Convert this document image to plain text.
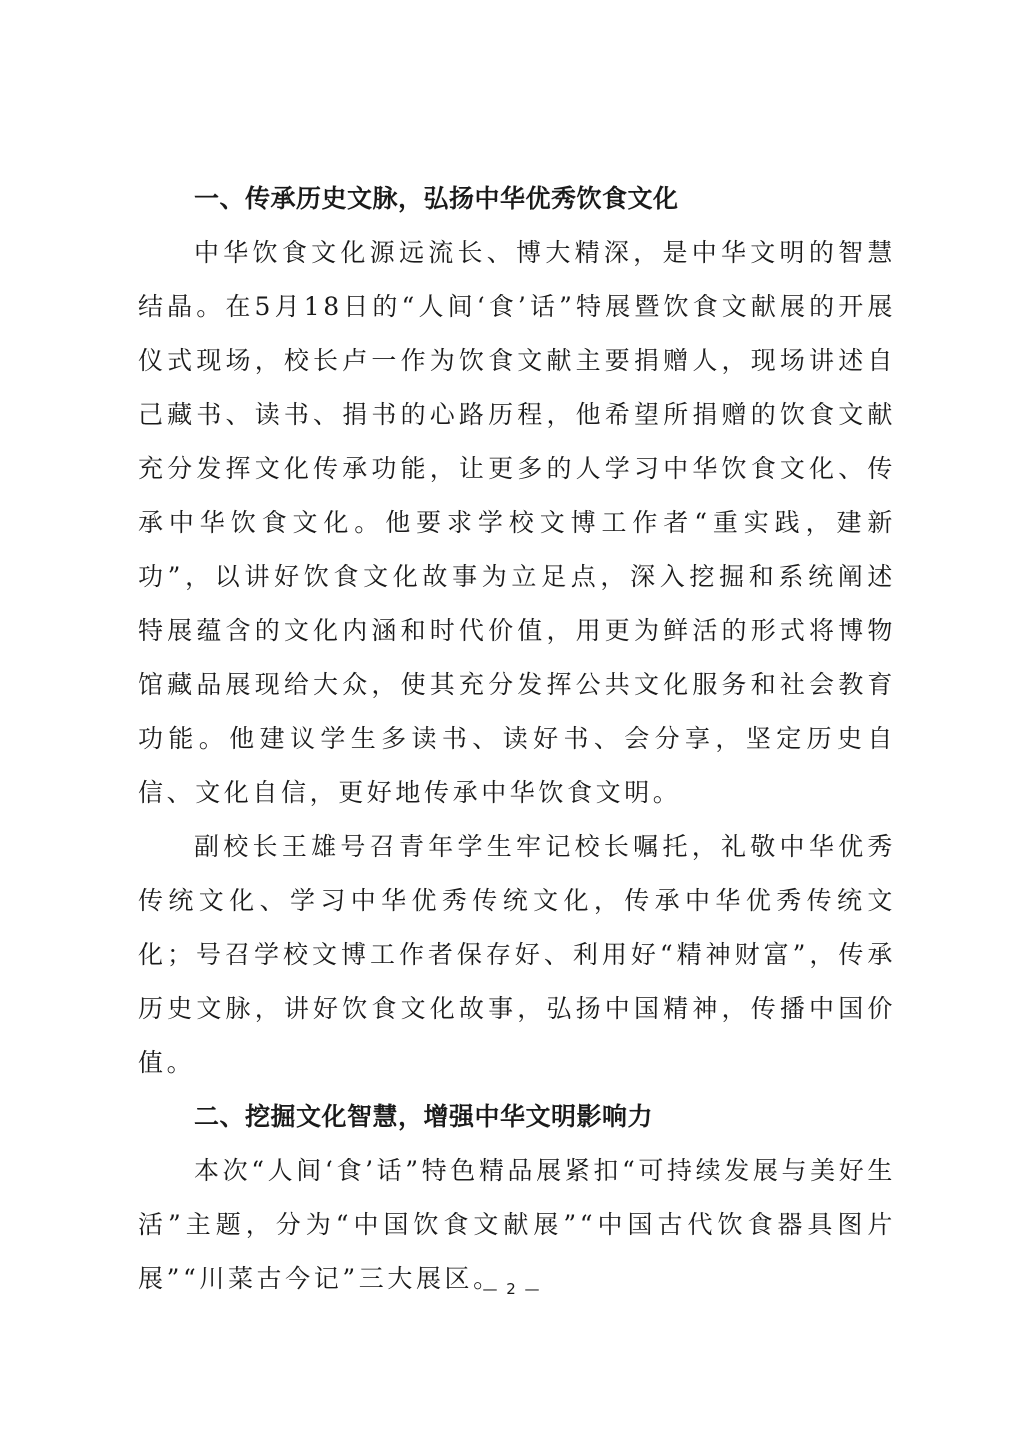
一、传承历史文脉，弘扬中华优秀饮食文化

中华饮食文化源远流长、博大精深，是中华文明的智慧结晶。在5月18日的“人间‘食’话”特展暨饮食文献展的开展仪式现场，校长卢一作为饮食文献主要捐赠人，现场讲述自己藏书、读书、捐书的心路历程，他希望所捐赠的饮食文献充分发挥文化传承功能，让更多的人学习中华饮食文化、传承中华饮食文化。他要求学校文博工作者“重实践，建新功”，以讲好饮食文化故事为立足点，深入挖掘和系统阐述特展蕴含的文化内涵和时代价值，用更为鲜活的形式将博物馆藏品展现给大众，使其充分发挥公共文化服务和社会教育功能。他建议学生多读书、读好书、会分享，坚定历史自信、文化自信，更好地传承中华饮食文明。

副校长王雄号召青年学生牢记校长嘱托，礼敬中华优秀传统文化、学习中华优秀传统文化，传承中华优秀传统文化；号召学校文博工作者保存好、利用好“精神财富”，传承历史文脉，讲好饮食文化故事，弘扬中国精神，传播中国价值。

二、挖掘文化智慧，增强中华文明影响力

本次“人间‘食’话”特色精品展紧扣“可持续发展与美好生活”主题，分为“中国饮食文献展”“中国古代饮食器具图片展”“川菜古今记”三大展区。

— 2 —
